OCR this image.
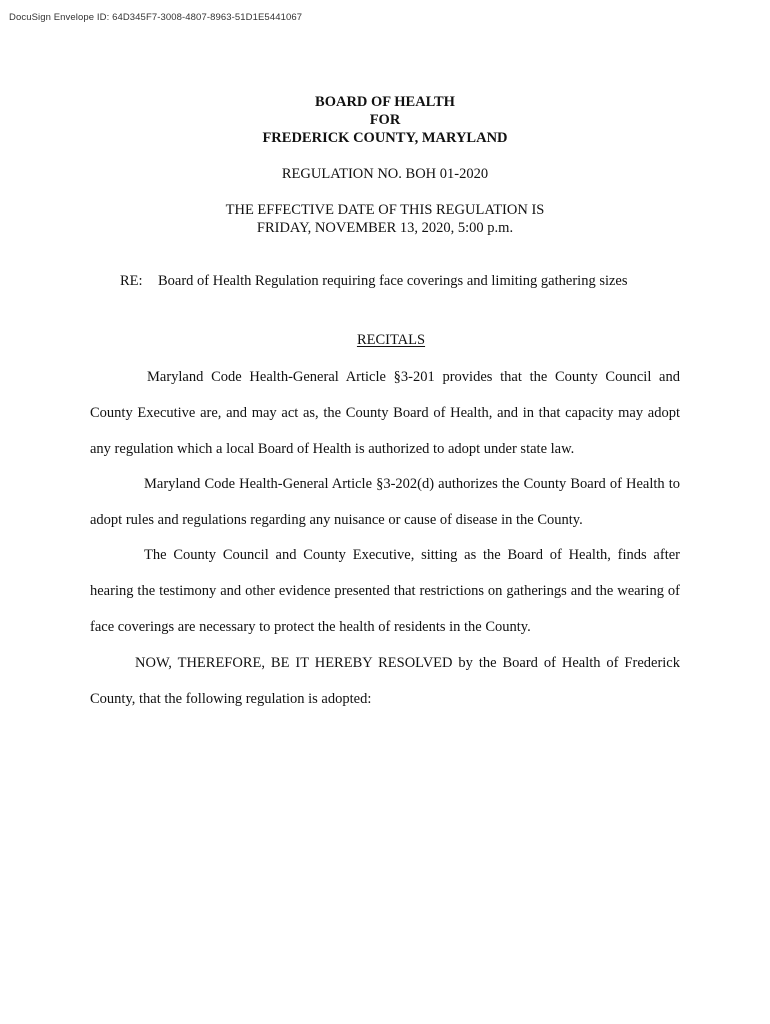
DocuSign Envelope ID: 64D345F7-3008-4807-8963-51D1E5441067
BOARD OF HEALTH
FOR
FREDERICK COUNTY, MARYLAND
REGULATION NO. BOH 01-2020
THE EFFECTIVE DATE OF THIS REGULATION IS
FRIDAY, NOVEMBER 13, 2020, 5:00 p.m.
RE: Board of Health Regulation requiring face coverings and limiting gathering sizes
RECITALS

Maryland Code Health-General Article §3-201 provides that the County Council and County Executive are, and may act as, the County Board of Health, and in that capacity may adopt any regulation which a local Board of Health is authorized to adopt under state law.

Maryland Code Health-General Article §3-202(d) authorizes the County Board of Health to adopt rules and regulations regarding any nuisance or cause of disease in the County.

The County Council and County Executive, sitting as the Board of Health, finds after hearing the testimony and other evidence presented that restrictions on gatherings and the wearing of face coverings are necessary to protect the health of residents in the County.

NOW, THEREFORE, BE IT HEREBY RESOLVED by the Board of Health of Frederick County, that the following regulation is adopted:
